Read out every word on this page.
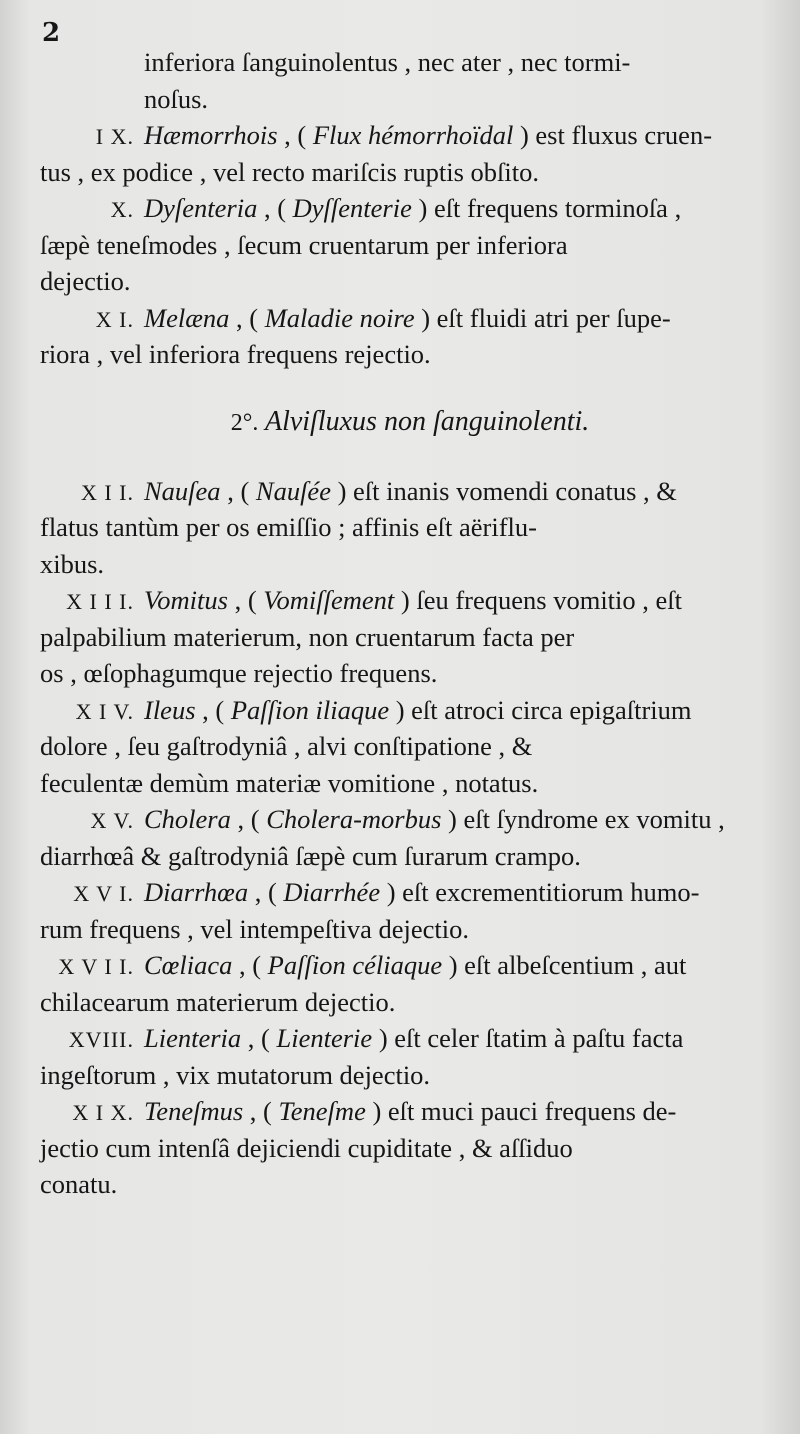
2
inferiora ſanguinolentus , nec ater , nec tormi-
noſus.
I X. Hæmorrhois , ( Flux hémorrhoïdal ) est fluxus cruen-
tus , ex podice , vel recto mariſcis ruptis obſito.
X. Dyſenteria , ( Dyſſenterie ) eſt frequens torminoſa ,
ſæpè teneſmodes , ſecum cruentarum per inferiora
dejectio.
X I. Melæna , ( Maladie noire ) eſt fluidi atri per ſupe-
riora , vel inferiora frequens rejectio.
2°. Alviſluxus non ſanguinolenti.
X I I. Nauſea , ( Nauſée ) eſt inanis vomendi conatus , &
flatus tantùm per os emiſſio ; affinis eſt aëriflu-
xibus.
X I I I. Vomitus , ( Vomiſſement ) ſeu frequens vomitio , eſt
palpabilium materierum, non cruentarum facta per
os , œſophagumque rejectio frequens.
X I V. Ileus , ( Paſſion iliaque ) eſt atroci circa epigaſtrium
dolore , ſeu gaſtrodyniâ , alvi conſtipatione , &
feculentæ demùm materiæ vomitione , notatus.
X V. Cholera , ( Cholera-morbus ) eſt ſyndrome ex vomitu ,
diarrhœâ & gaſtrodyniâ ſæpè cum ſurarum crampo.
X V I. Diarrhœa , ( Diarrhée ) eſt excrementitiorum humo-
rum frequens , vel intempeſtiva dejectio.
X V I I. Cœliaca , ( Paſſion céliaque ) eſt albeſcentium , aut
chilacearum materierum dejectio.
XVIII. Lienteria , ( Lienterie ) eſt celer ſtatim à paſtu facta
ingeſtorum , vix mutatorum dejectio.
X I X. Teneſmus , ( Teneſme ) eſt muci pauci frequens de-
jectio cum intenſâ dejiciendi cupiditate , & aſſiduo
conatu.
